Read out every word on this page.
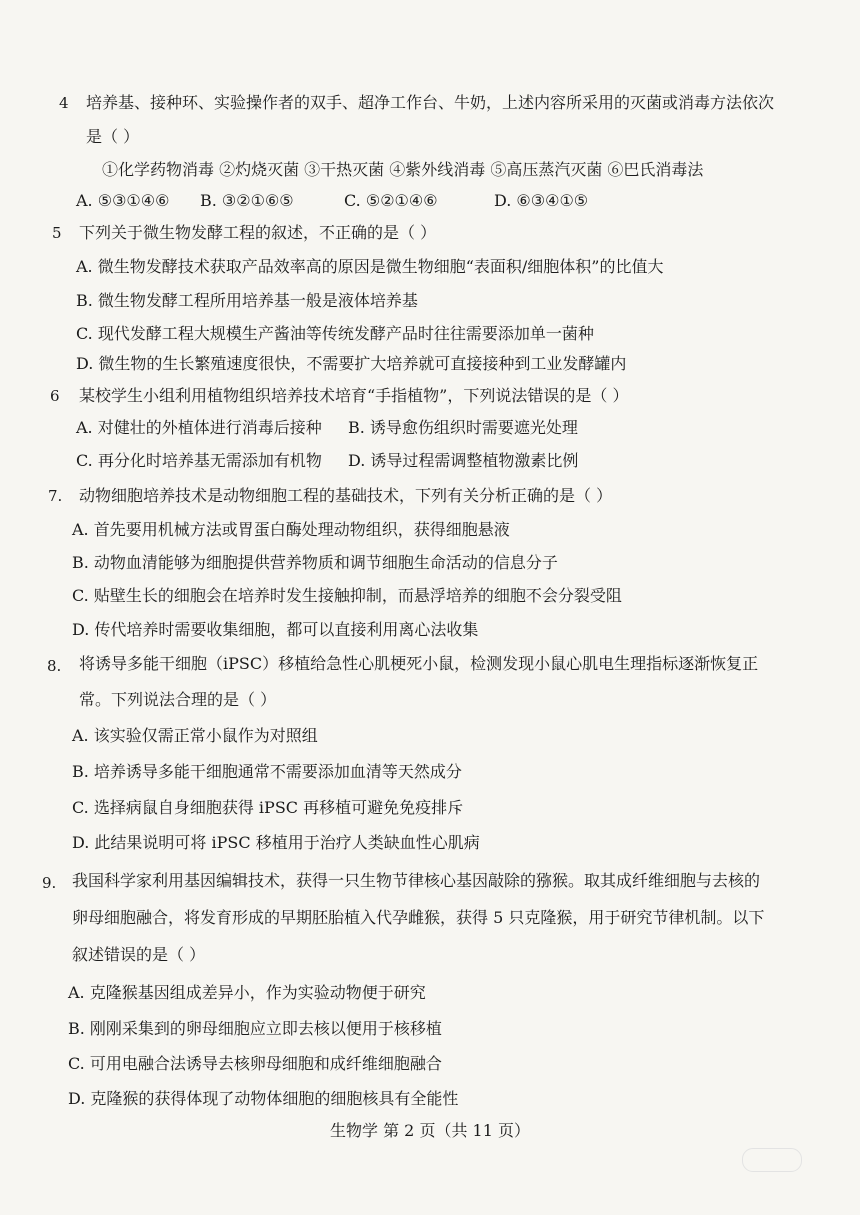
4 培养基、接种环、实验操作者的双手、超净工作台、牛奶，上述内容所采用的灭菌或消毒方法依次
是（ ）
①化学药物消毒 ②灼烧灭菌 ③干热灭菌 ④紫外线消毒 ⑤高压蒸汽灭菌 ⑥巴氏消毒法
A. ⑤③①④⑥ B. ③②①⑥⑤	C. ⑤②①④⑥	D. ⑥③④①⑤
5 下列关于微生物发酵工程的叙述，不正确的是（ ）
A. 微生物发酵技术获取产品效率高的原因是微生物细胞“表面积/细胞体积”的比值大
B. 微生物发酵工程所用培养基一般是液体培养基
C. 现代发酵工程大规模生产酱油等传统发酵产品时往往需要添加单一菌种
D. 微生物的生长繁殖速度很快，不需要扩大培养就可直接接种到工业发酵罐内
6 某校学生小组利用植物组织培养技术培育“手指植物”，下列说法错误的是（ ）
A. 对健壮的外植体进行消毒后接种 B. 诱导愈伤组织时需要遮光处理
C. 再分化时培养基无需添加有机物 D. 诱导过程需调整植物激素比例
7. 动物细胞培养技术是动物细胞工程的基础技术，下列有关分析正确的是（ ）
A. 首先要用机械方法或胃蛋白酶处理动物组织，获得细胞悬液
B. 动物血清能够为细胞提供营养物质和调节细胞生命活动的信息分子
C. 贴壁生长的细胞会在培养时发生接触抑制，而悬浮培养的细胞不会分裂受阻
D. 传代培养时需要收集细胞，都可以直接利用离心法收集
8. 将诱导多能干细胞（iPSC）移植给急性心肌梗死小鼠，检测发现小鼠心肌电生理指标逐渐恢复正
常。下列说法合理的是（ ）
A. 该实验仅需正常小鼠作为对照组
B. 培养诱导多能干细胞通常不需要添加血清等天然成分
C. 选择病鼠自身细胞获得 iPSC 再移植可避免免疫排斥
D. 此结果说明可将 iPSC 移植用于治疗人类缺血性心肌病
9. 我国科学家利用基因编辑技术，获得一只生物节律核心基因敲除的猕猴。取其成纤维细胞与去核的
卵母细胞融合，将发育形成的早期胚胎植入代孕雌猴，获得 5 只克隆猴，用于研究节律机制。以下
叙述错误的是（ ）
A. 克隆猴基因组成差异小，作为实验动物便于研究
B. 刚刚采集到的卵母细胞应立即去核以便用于核移植
C. 可用电融合法诱导去核卵母细胞和成纤维细胞融合
D. 克隆猴的获得体现了动物体细胞的细胞核具有全能性
生物学 第 2 页（共 11 页）
